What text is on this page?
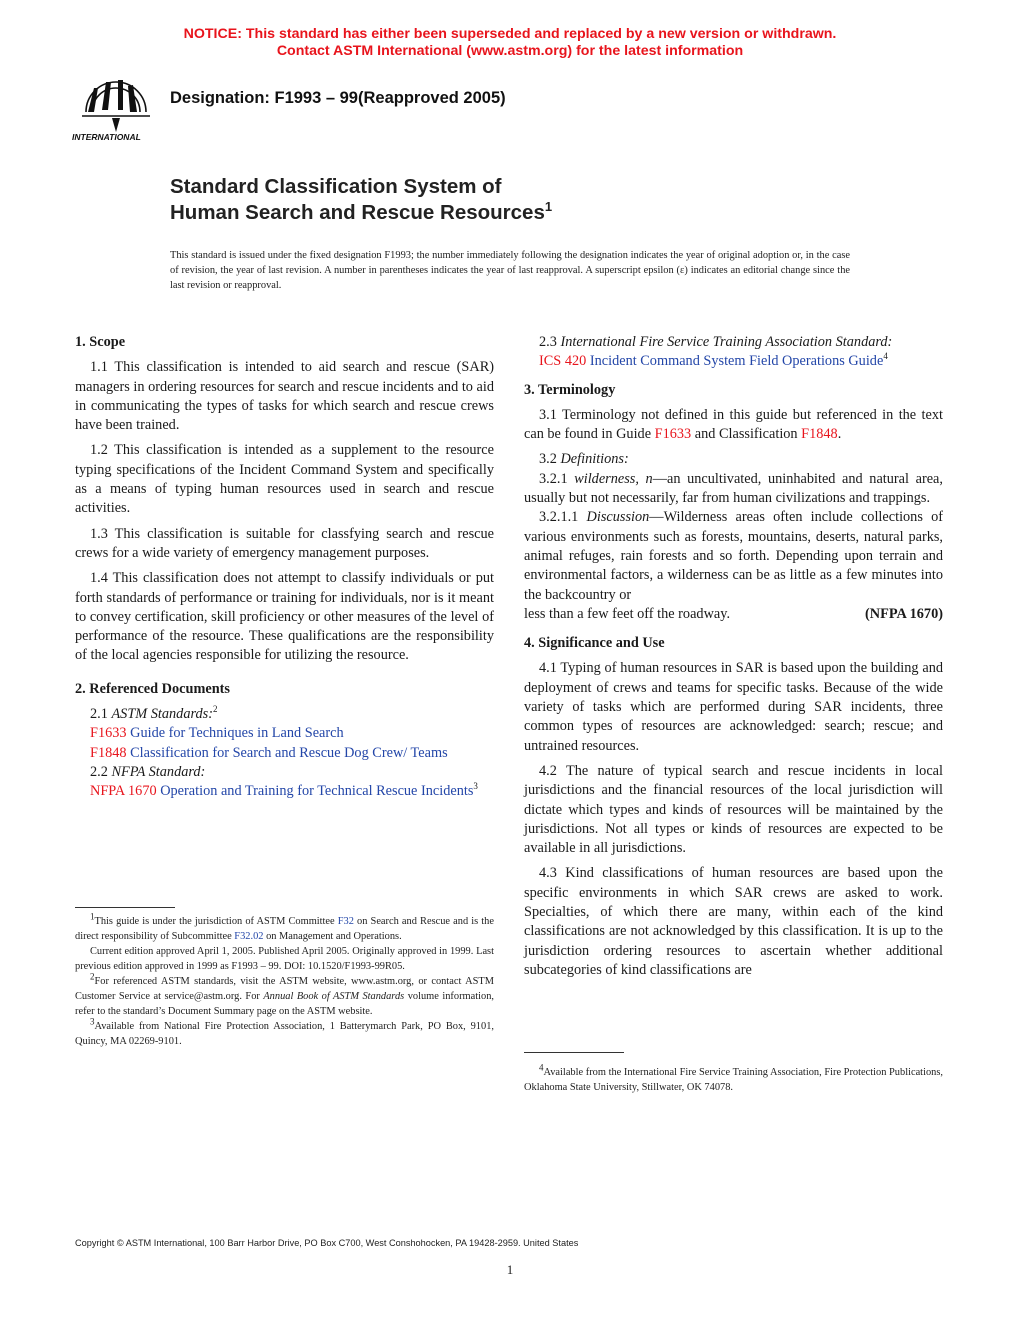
NOTICE: This standard has either been superseded and replaced by a new version or withdrawn.
Contact ASTM International (www.astm.org) for the latest information
INTERNATIONAL
Designation: F1993 – 99(Reapproved 2005)
Standard Classification System of
Human Search and Rescue Resources$^1$
This standard is issued under the fixed designation F1993; the number immediately following the designation indicates the year of original adoption or, in the case of revision, the year of last revision. A number in parentheses indicates the year of last reapproval. A superscript epsilon (ε) indicates an editorial change since the last revision or reapproval.

1. Scope

1.1 This classification is intended to aid search and rescue (SAR) managers in ordering resources for search and rescue incidents and to aid in communicating the types of tasks for which search and rescue crews have been trained.

1.2 This classification is intended as a supplement to the resource typing specifications of the Incident Command System and specifically as a means of typing human resources used in search and rescue activities.

1.3 This classification is suitable for classfying search and rescue crews for a wide variety of emergency management purposes.

1.4 This classification does not attempt to classify individuals or put forth standards of performance or training for individuals, nor is it meant to convey certification, skill proficiency or other measures of the level of performance of the resource. These qualifications are the responsibility of the local agencies responsible for utilizing the resource.

2. Referenced Documents

2.1 ASTM Standards:$^2$

F1633 Guide for Techniques in Land Search

F1848 Classification for Search and Rescue Dog Crew/ Teams

2.2 NFPA Standard:

NFPA 1670 Operation and Training for Technical Rescue Incidents$^3$

$^1$This guide is under the jurisdiction of ASTM Committee F32 on Search and Rescue and is the direct responsibility of Subcommittee F32.02 on Management and Operations.

Current edition approved April 1, 2005. Published April 2005. Originally approved in 1999. Last previous edition approved in 1999 as F1993 – 99. DOI: 10.1520/F1993-99R05.

$^2$For referenced ASTM standards, visit the ASTM website, www.astm.org, or contact ASTM Customer Service at service@astm.org. For Annual Book of ASTM Standards volume information, refer to the standard’s Document Summary page on the ASTM website.

$^3$Available from National Fire Protection Association, 1 Batterymarch Park, PO Box, 9101, Quincy, MA 02269-9101.

2.3 International Fire Service Training Association Standard:

ICS 420 Incident Command System Field Operations Guide$^4$

3. Terminology

3.1 Terminology not defined in this guide but referenced in the text can be found in Guide F1633 and Classification F1848.

3.2 Definitions:

3.2.1 wilderness, n—an uncultivated, uninhabited and natural area, usually but not necessarily, far from human civilizations and trappings.

3.2.1.1 Discussion—Wilderness areas often include collections of various environments such as forests, mountains, deserts, natural parks, animal refuges, rain forests and so forth. Depending upon terrain and environmental factors, a wilderness can be as little as a few minutes into the backcountry or

less than a few feet off the roadway.	(NFPA 1670)

4. Significance and Use

4.1 Typing of human resources in SAR is based upon the building and deployment of crews and teams for specific tasks. Because of the wide variety of tasks which are performed during SAR incidents, three common types of resources are acknowledged: search; rescue; and untrained resources.

4.2 The nature of typical search and rescue incidents in local jurisdictions and the financial resources of the local jurisdiction will dictate which types and kinds of resources will be maintained by the jurisdictions. Not all types or kinds of resources are expected to be available in all jurisdictions.

4.3 Kind classifications of human resources are based upon the specific environments in which SAR crews are asked to work. Specialties, of which there are many, within each of the kind classifications are not acknowledged by this classification. It is up to the jurisdiction ordering resources to ascertain whether additional subcategories of kind classifications are

$^4$Available from the International Fire Service Training Association, Fire Protection Publications, Oklahoma State University, Stillwater, OK 74078.

Copyright © ASTM International, 100 Barr Harbor Drive, PO Box C700, West Conshohocken, PA 19428-2959. United States
1
